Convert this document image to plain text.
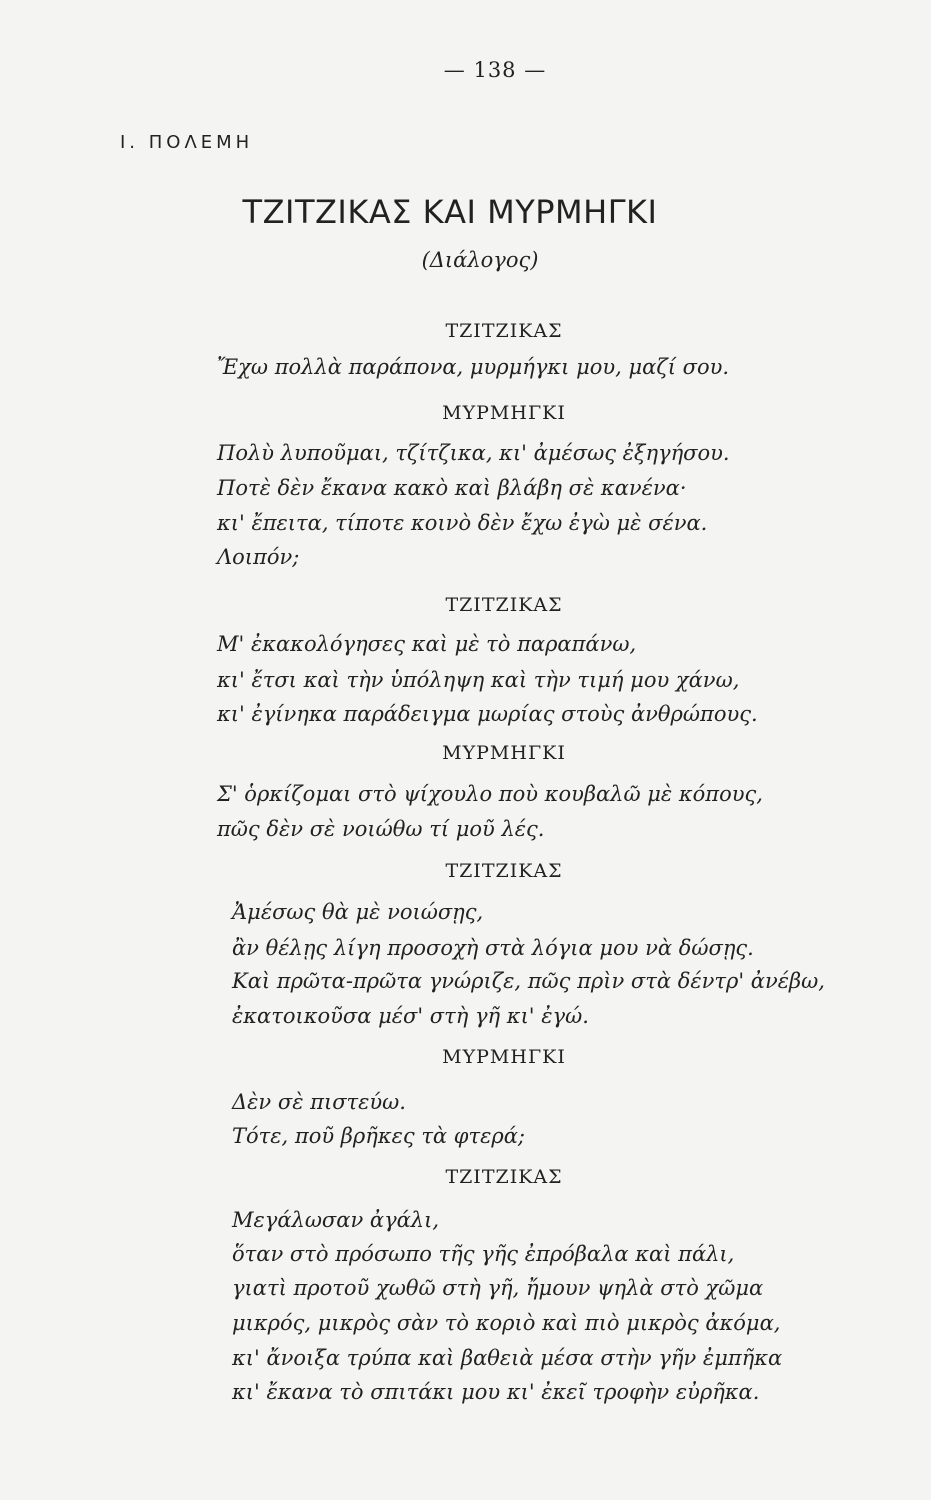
— 138 —
Ι. ΠΟΛΕΜΗ
ΤΖΙΤΖΙΚΑΣ ΚΑΙ ΜΥΡΜΗΓΚΙ
(Διάλογος)
ΤΖΙΤΖΙΚΑΣ
Ἔχω πολλὰ παράπονα, μυρμήγκι μου, μαζί σου.
ΜΥΡΜΗΓΚΙ
Πολὺ λυποῦμαι, τζίτζικα, κι' ἀμέσως ἐξηγήσου.
Ποτὲ δὲν ἔκανα κακὸ καὶ βλάβη σὲ κανένα·
κι' ἔπειτα, τίποτε κοινὸ δὲν ἔχω ἐγὼ μὲ σένα.
Λοιπόν;
ΤΖΙΤΖΙΚΑΣ
Μ' ἐκακολόγησες καὶ μὲ τὸ παραπάνω,
κι' ἔτσι καὶ τὴν ὑπόληψη καὶ τὴν τιμή μου χάνω,
κι' ἐγίνηκα παράδειγμα μωρίας στοὺς ἀνθρώπους.
ΜΥΡΜΗΓΚΙ
Σ' ὁρκίζομαι στὸ ψίχουλο ποὺ κουβαλῶ μὲ κόπους,
πῶς δὲν σὲ νοιώθω τί μοῦ λές.
ΤΖΙΤΖΙΚΑΣ
Ἀμέσως θὰ μὲ νοιώσῃς,
ἂν θέλῃς λίγη προσοχὴ στὰ λόγια μου νὰ δώσῃς.
Καὶ πρῶτα-πρῶτα γνώριζε, πῶς πρὶν στὰ δέντρ' ἀνέβω,
ἐκατοικοῦσα μέσ' στὴ γῆ κι' ἐγώ.
ΜΥΡΜΗΓΚΙ
Δὲν σὲ πιστεύω.
Τότε, ποῦ βρῆκες τὰ φτερά;
ΤΖΙΤΖΙΚΑΣ
Μεγάλωσαν ἀγάλι,
ὅταν στὸ πρόσωπο τῆς γῆς ἐπρόβαλα καὶ πάλι,
γιατὶ προτοῦ χωθῶ στὴ γῆ, ἤμουν ψηλὰ στὸ χῶμα
μικρός, μικρὸς σὰν τὸ κοριὸ καὶ πιὸ μικρὸς ἀκόμα,
κι' ἄνοιξα τρύπα καὶ βαθειὰ μέσα στὴν γῆν ἐμπῆκα
κι' ἔκανα τὸ σπιτάκι μου κι' ἐκεῖ τροφὴν εὐρῆκα.
